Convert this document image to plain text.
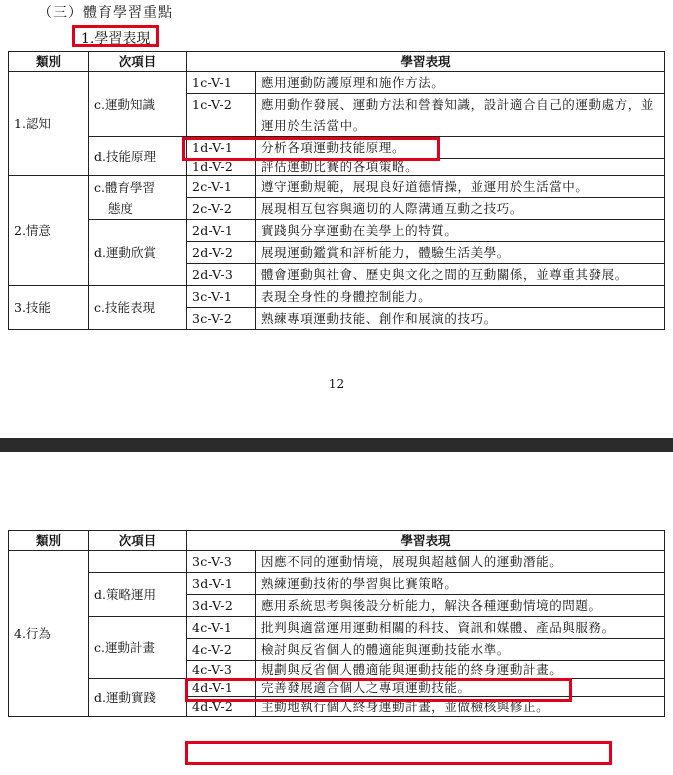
（三）體育學習重點
1.學習表現
類別	次項目	學習表現	
1.認知	c.運動知識	1c-V-1	應用運動防護原理和施作方法。
		1c-V-2	應用動作發展、運動方法和營養知識，設計適合自己的運動處方，並運用於生活當中。

	d.技能原理	1d-V-1	分析各項運動技能原理。
		1d-V-2	評估運動比賽的各項策略。
2.情意	c.體育學習
態度	2c-V-1	遵守運動規範，展現良好道德情操，並運用於生活當中。
		2c-V-2	展現相互包容與適切的人際溝通互動之技巧。
	d.運動欣賞	2d-V-1	實踐與分享運動在美學上的特質。
		2d-V-2	展現運動鑑賞和評析能力，體驗生活美學。
		2d-V-3	體會運動與社會、歷史與文化之間的互動關係，並尊重其發展。

3.技能	c.技能表現	3c-V-1	表現全身性的身體控制能力。
		3c-V-2	熟練專項運動技能、創作和展演的技巧。
12
類別	次項目	學習表現	
4.行為		3c-V-3	因應不同的運動情境，展現與超越個人的運動潛能。
	d.策略運用	3d-V-1	熟練運動技術的學習與比賽策略。
		3d-V-2	應用系統思考與後設分析能力，解決各種運動情境的問題。

	c.運動計畫	4c-V-1	批判與適當運用運動相關的科技、資訊和媒體、產品與服務。

		4c-V-2	檢討與反省個人的體適能與運動技能水準。
		4c-V-3	規劃與反省個人體適能與運動技能的終身運動計畫。
	d.運動實踐	4d-V-1	完善發展適合個人之專項運動技能。
		4d-V-2	主動地執行個人終身運動計畫，並做檢核與修正。
